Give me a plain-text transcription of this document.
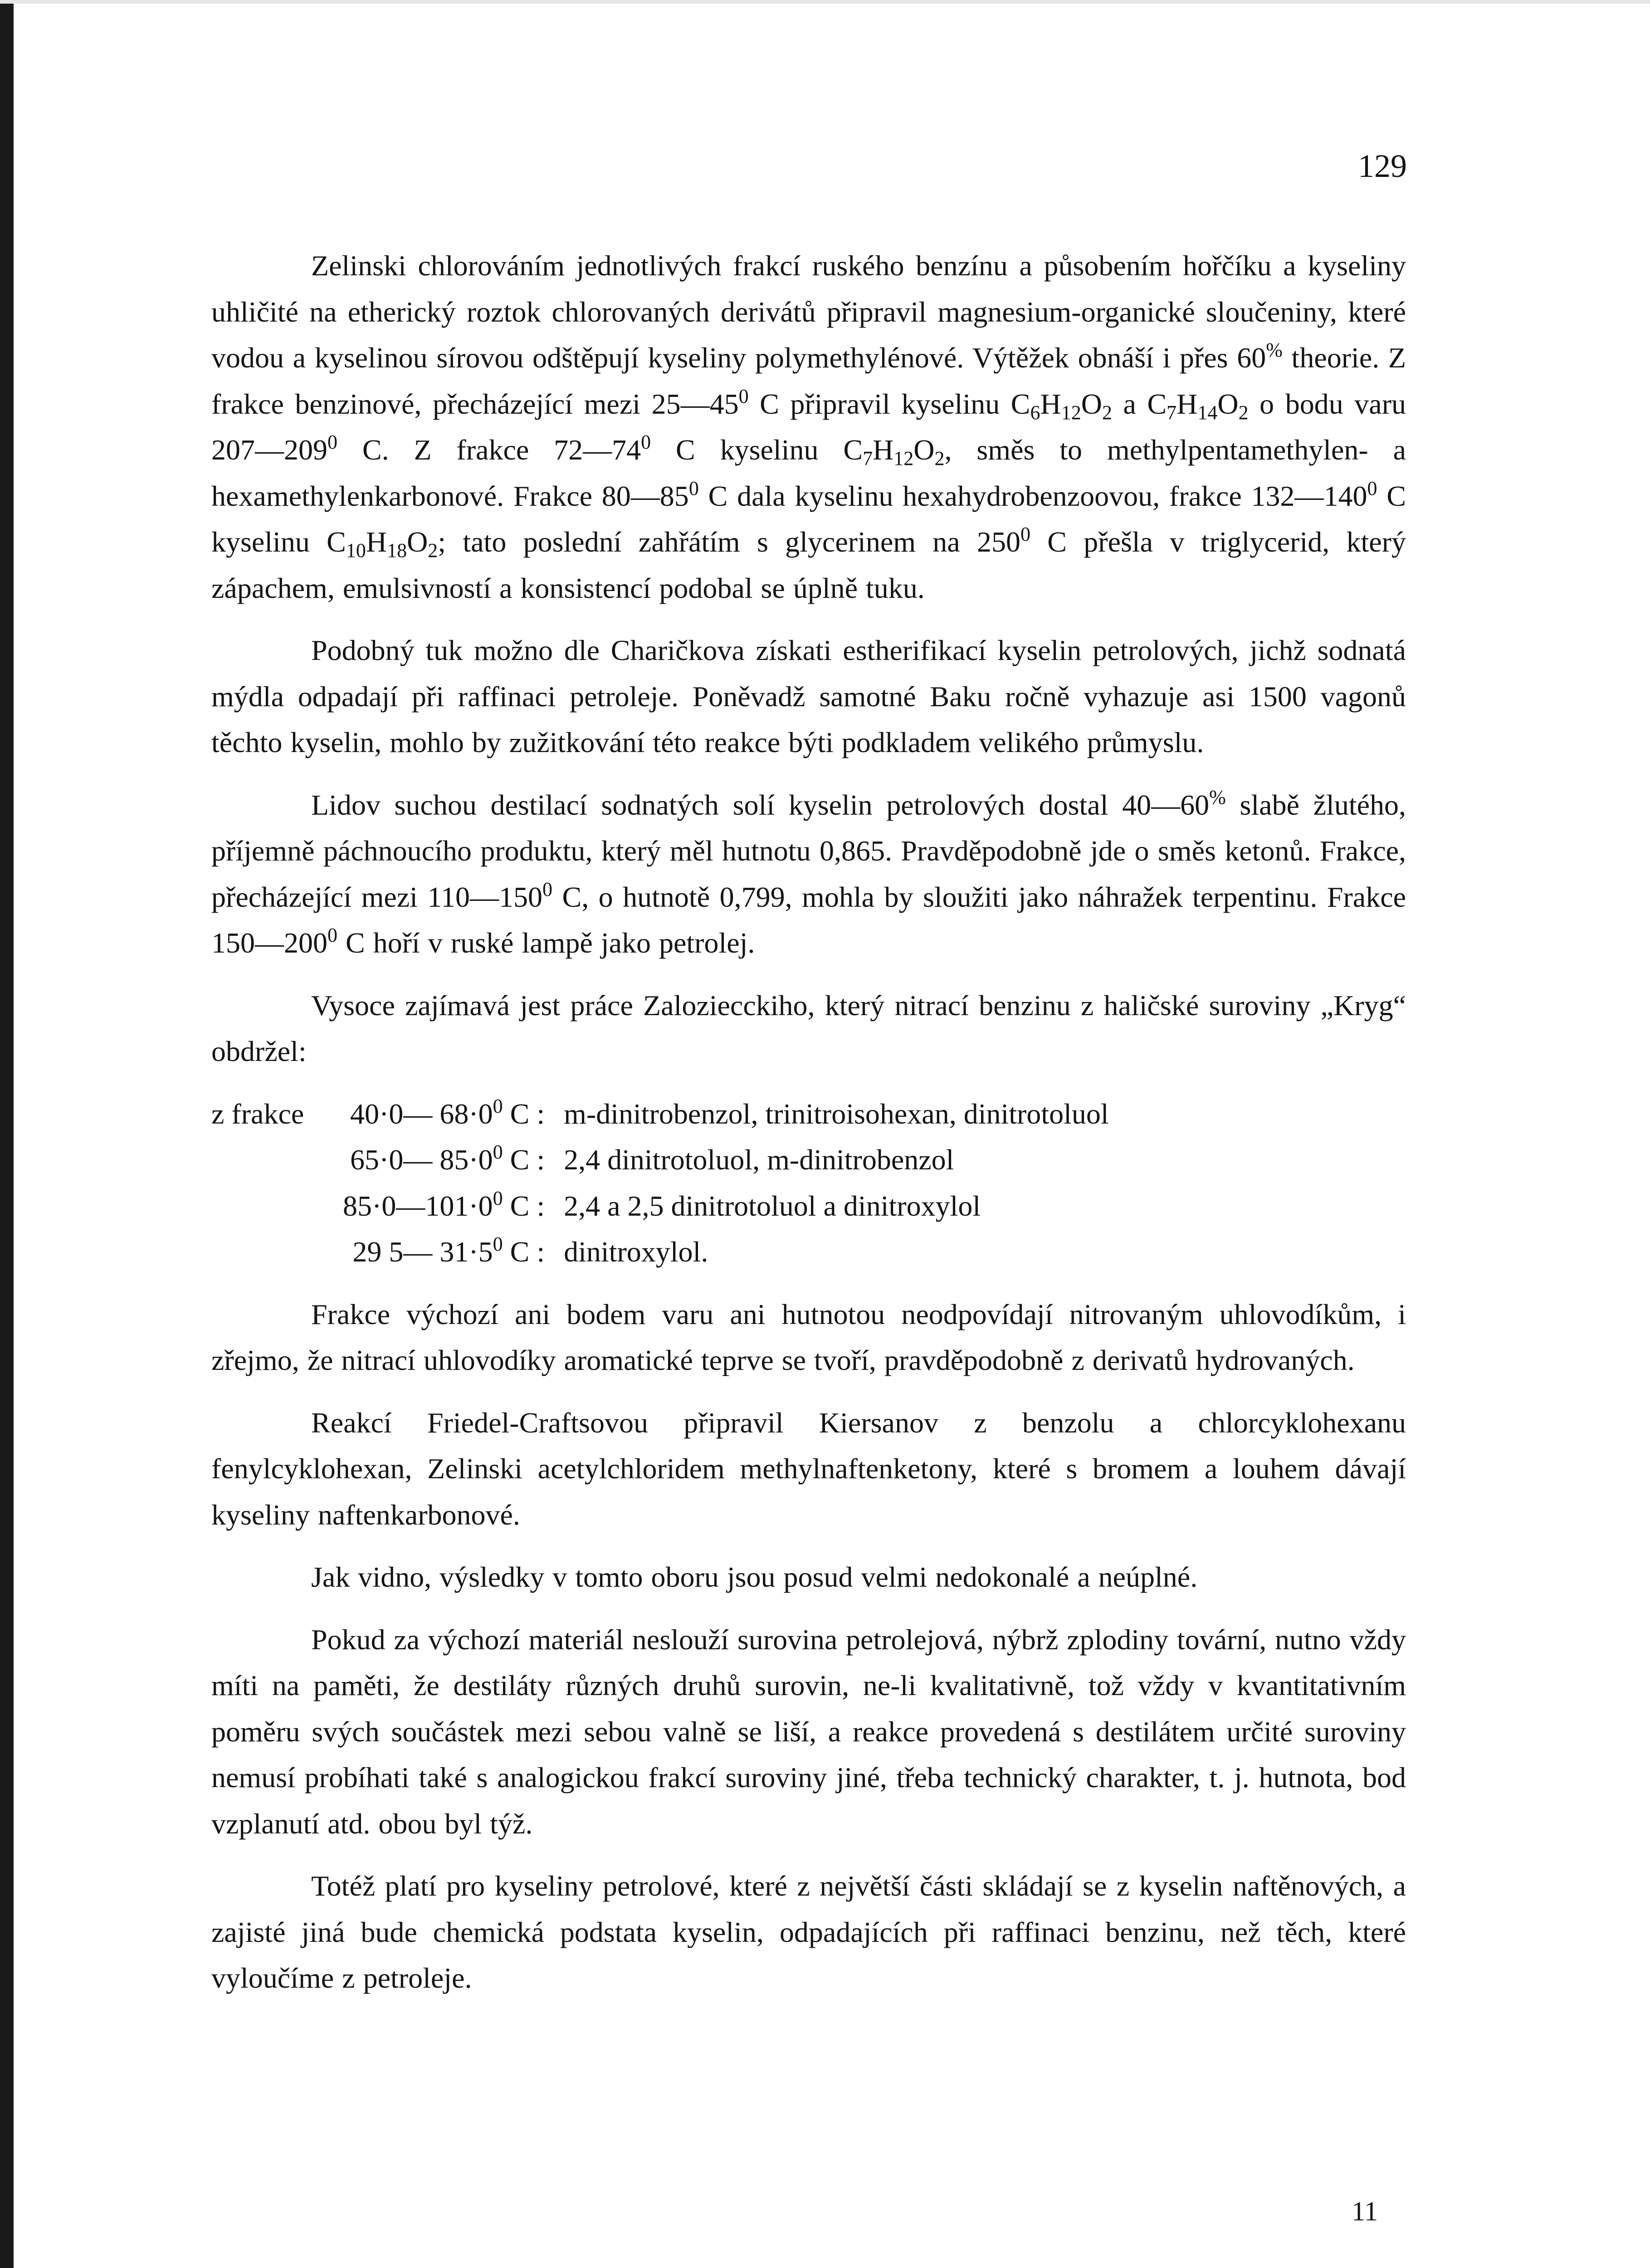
129

Zelinski chlorováním jednotlivých frakcí ruského benzínu a působením hořčíku a kyseliny uhličité na etherický roztok chlorovaných derivátů připravil magnesium-organické sloučeniny, které vodou a kyselinou sírovou odštěpují kyseliny polymethylénové. Výtěžek obnáší i přes 60% theorie. Z frakce benzinové, přecházející mezi $25—45^0$ C připravil kyselinu $C_6H_{12}O_2$ a $C_7H_{14}O_2$ o bodu varu $207—209^0$ C. Z frakce $72—74^0$ C kyselinu $C_7H_{12}O_2$, směs to methylpentamethylen- a hexamethylenkarbonové. Frakce $80—85^0$ C dala kyselinu hexahydrobenzoovou, frakce $132—140^0$ C kyselinu $C_{10}H_{18}O_2$; tato poslední zahřátím s glycerinem na $250^0$ C přešla v triglycerid, který zápachem, emulsivností a konsistencí podobal se úplně tuku.

Podobný tuk možno dle Charičkova získati estherifikací kyselin petrolových, jichž sodnatá mýdla odpadají při raffinaci petroleje. Poněvadž samotné Baku ročně vyhazuje asi 1500 vagonů těchto kyselin, mohlo by zužitkování této reakce býti podkladem velikého průmyslu.

Lidov suchou destilací sodnatých solí kyselin petrolových dostal 40—60% slabě žlutého, příjemně páchnoucího produktu, který měl hutnotu 0,865. Pravděpodobně jde o směs ketonů. Frakce, přecházející mezi $110—150^0$ C, o hutnotě 0,799, mohla by sloužiti jako náhražek terpentinu. Frakce $150—200^0$ C hoří v ruské lampě jako petrolej.

Vysoce zajímavá jest práce Zaloziecckiho, který nitrací benzinu z haličské suroviny „Kryg“ obdržel:

z frakce	40·0— $68\cdot 0^0$ C :	m-dinitrobenzol, trinitroisohexan, dinitrotoluol
	65·0— $85\cdot 0^0$ C :	2,4 dinitrotoluol, m-dinitrobenzol
	$85\cdot 0—101\cdot 0^0$ C :	2,4 a 2,5 dinitrotoluol a dinitroxylol
	29 5— $31\cdot 5^0$ C :	dinitroxylol.

Frakce výchozí ani bodem varu ani hutnotou neodpovídají nitrovaným uhlovodíkům, i zřejmo, že nitrací uhlovodíky aromatické teprve se tvoří, pravděpodobně z derivatů hydrovaných.

Reakcí Friedel-Craftsovou připravil Kiersanov z benzolu a chlorcyklohexanu fenylcyklohexan, Zelinski acetylchloridem methylnaftenketony, které s bromem a louhem dávají kyseliny naftenkarbonové.

Jak vidno, výsledky v tomto oboru jsou posud velmi nedokonalé a neúplné.

Pokud za výchozí materiál neslouží surovina petrolejová, nýbrž zplodiny tovární, nutno vždy míti na paměti, že destiláty různých druhů surovin, ne-li kvalitativně, tož vždy v kvantitativním poměru svých součástek mezi sebou valně se liší, a reakce provedená s destilátem určité suroviny nemusí probíhati také s analogickou frakcí suroviny jiné, třeba technický charakter, t. j. hutnota, bod vzplanutí atd. obou byl týž.

Totéž platí pro kyseliny petrolové, které z největší části skládají se z kyselin naftěnových, a zajisté jiná bude chemická podstata kyselin, odpadajících při raffinaci benzinu, než těch, které vyloučíme z petroleje.

11
